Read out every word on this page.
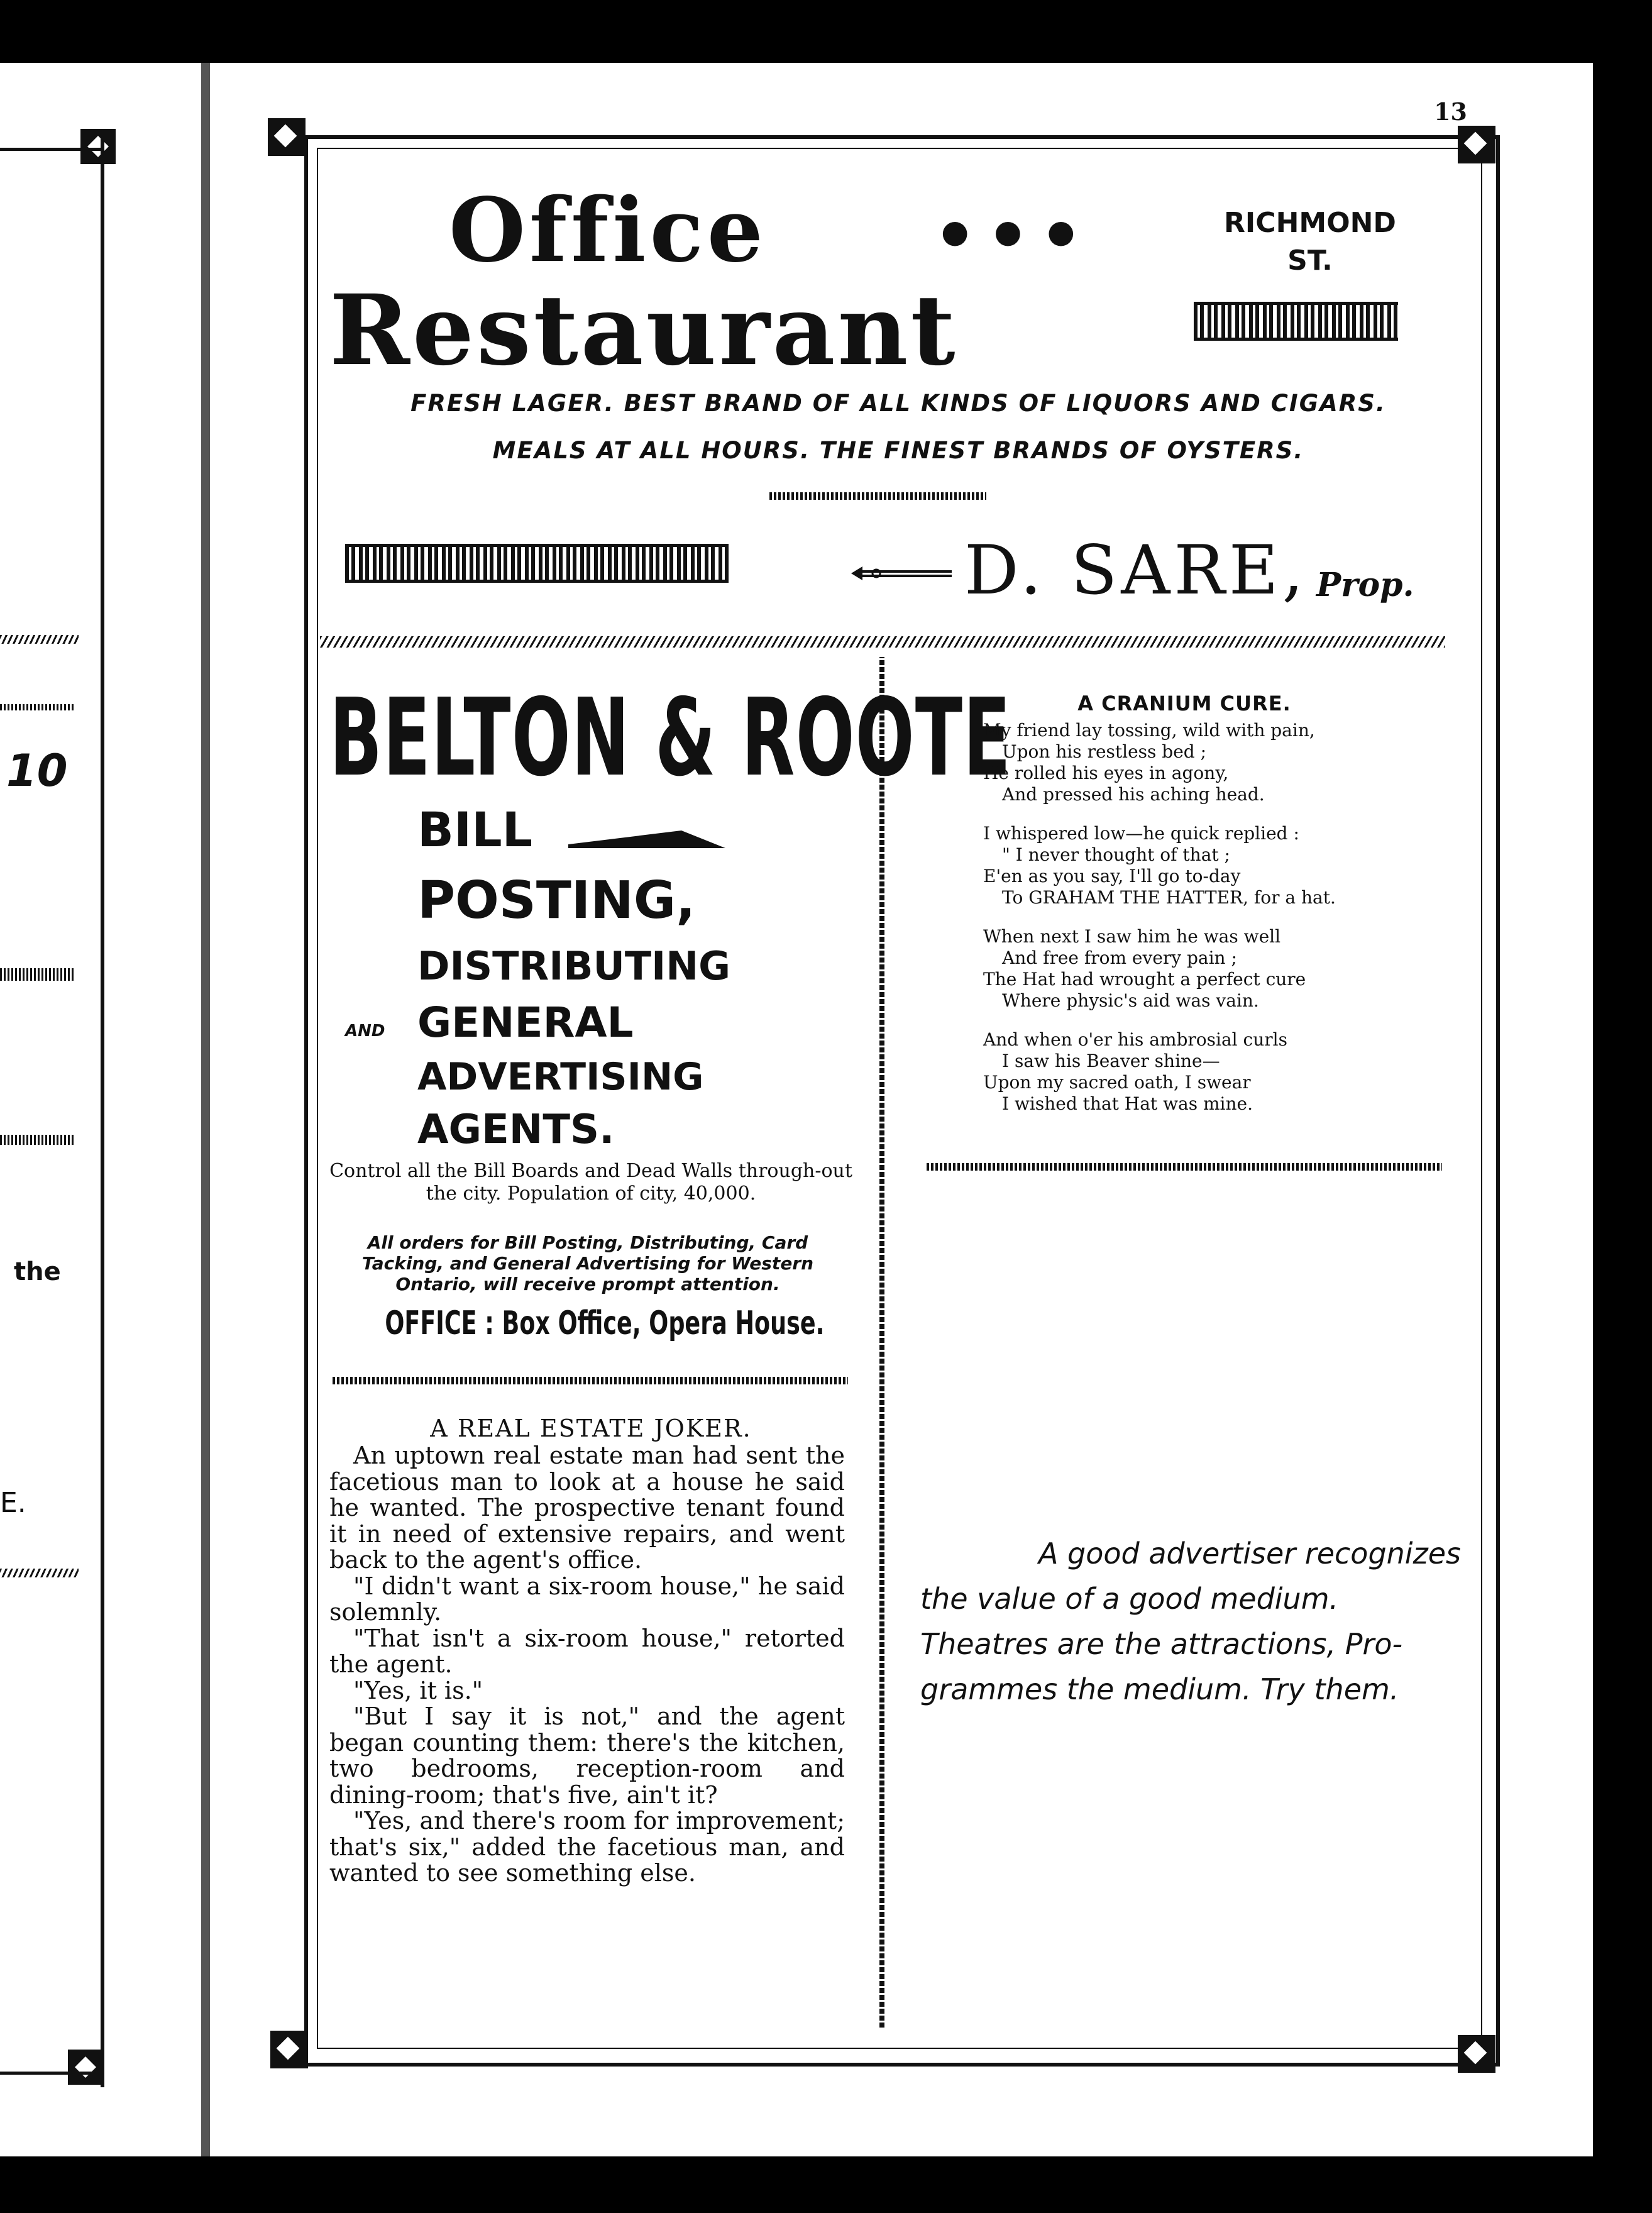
10
the
E.
13
Office •••
Restaurant
RICHMOND
ST.
FRESH LAGER. BEST BRAND OF ALL KINDS OF LIQUORS AND CIGARS.
MEALS AT ALL HOURS. THE FINEST BRANDS OF OYSTERS.
D. SARE, Prop.
BELTON & ROOTE
BILL
POSTING,
DISTRIBUTING
AND GENERAL
ADVERTISING
AGENTS.
Control all the Bill Boards and Dead Walls through-out the city. Population of city, 40,000.
All orders for Bill Posting, Distributing, Card Tacking, and General Advertising for Western Ontario, will receive prompt attention.
OFFICE : Box Office, Opera House.
A REAL ESTATE JOKER.

An uptown real estate man had sent the facetious man to look at a house he said he wanted. The prospective tenant found it in need of extensive repairs, and went back to the agent's office.

"I didn't want a six-room house," he said solemnly.

"That isn't a six-room house," retorted the agent.

"Yes, it is."

"But I say it is not," and the agent began counting them: there's the kitchen, two bedrooms, reception-room and dining-room; that's five, ain't it?

"Yes, and there's room for improvement; that's six," added the facetious man, and wanted to see something else.

A CRANIUM CURE.
My friend lay tossing, wild with pain,
Upon his restless bed ;
He rolled his eyes in agony,
And pressed his aching head.
I whispered low—he quick replied :
" I never thought of that ;
E'en as you say, I'll go to-day
To GRAHAM THE HATTER, for a hat.
When next I saw him he was well
And free from every pain ;
The Hat had wrought a perfect cure
Where physic's aid was vain.
And when o'er his ambrosial curls
I saw his Beaver shine—
Upon my sacred oath, I swear
I wished that Hat was mine.
A good advertiser recognizes
the value of a good medium.
Theatres are the attractions, Pro-
grammes the medium. Try them.
